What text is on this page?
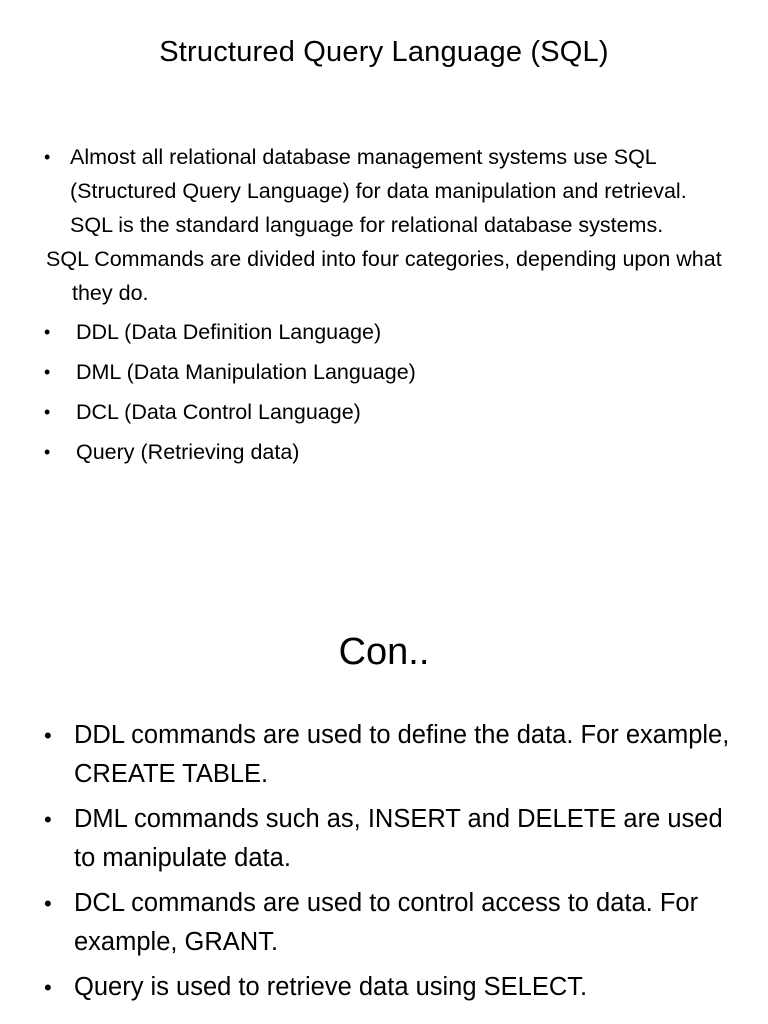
Structured Query Language (SQL)
• Almost all relational database management systems use SQL (Structured Query Language) for data manipulation and retrieval. SQL is the standard language for relational database systems.
SQL Commands are divided into four categories, depending upon what they do.
• DDL (Data Definition Language)
• DML (Data Manipulation Language)
• DCL (Data Control Language)
• Query (Retrieving data)
Con..
• DDL commands are used to define the data. For example, CREATE TABLE.
• DML commands such as, INSERT and DELETE are used to manipulate data.
• DCL commands are used to control access to data. For example, GRANT.
• Query is used to retrieve data using SELECT.
